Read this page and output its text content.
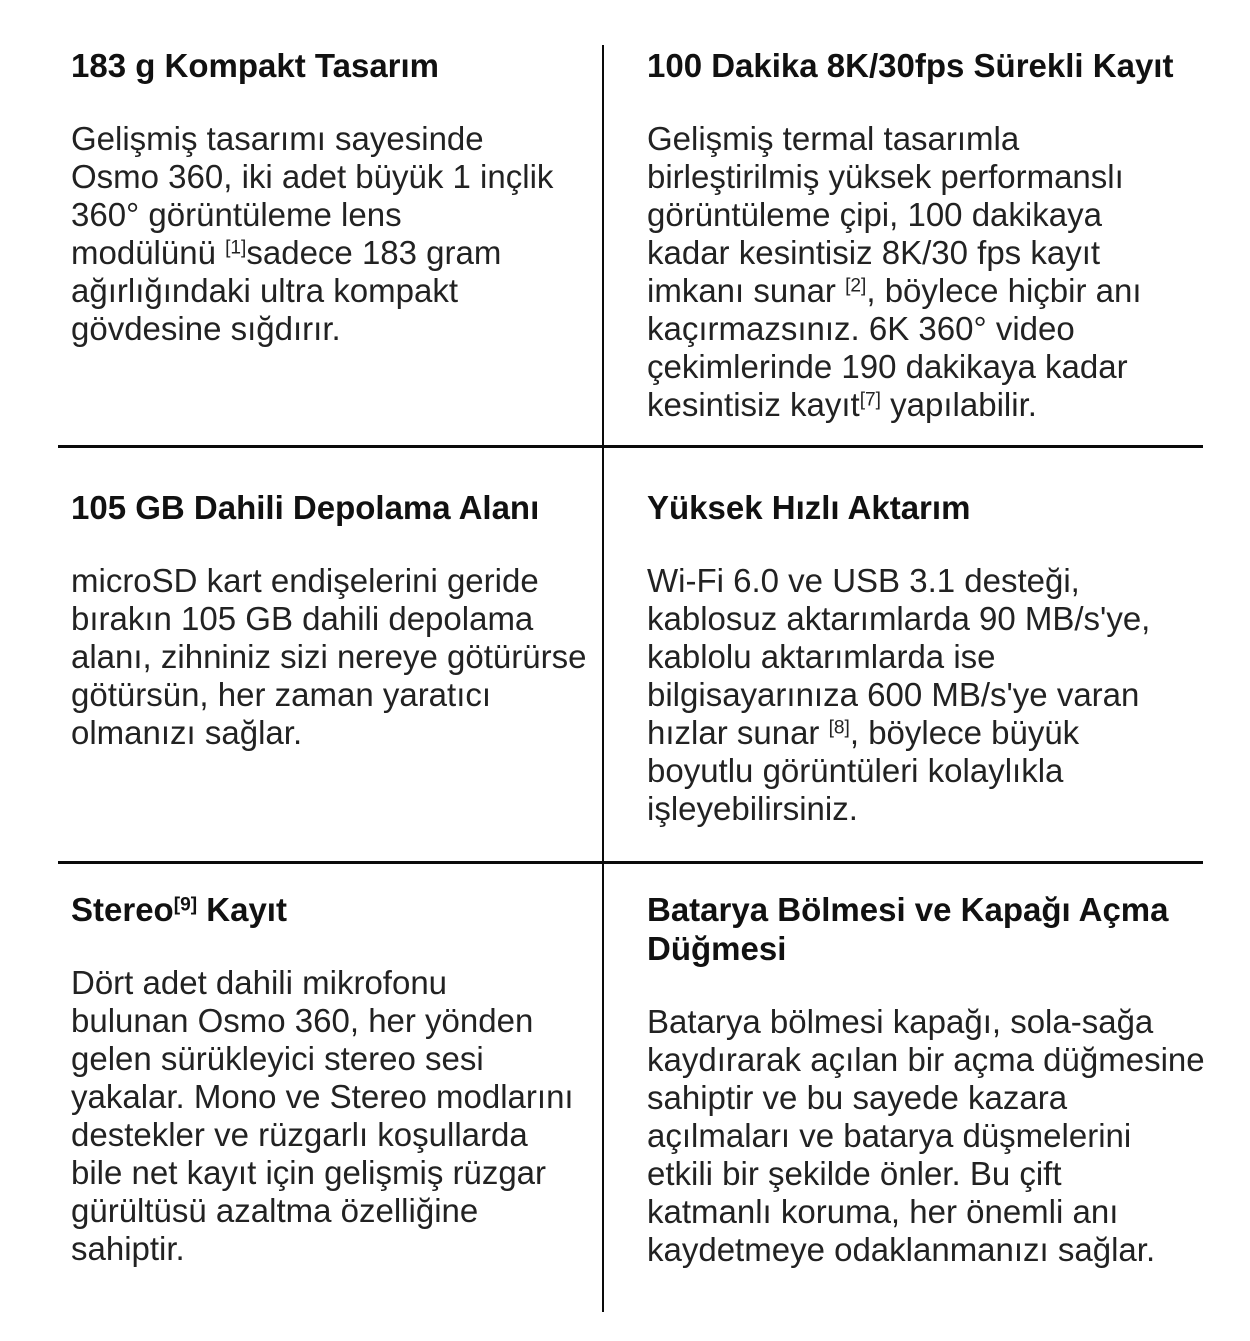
183 g Kompakt Tasarım

Gelişmiş tasarımı sayesinde
Osmo 360, iki adet büyük 1 inçlik
360° görüntüleme lens
modülünü [1]sadece 183 gram
ağırlığındaki ultra kompakt
gövdesine sığdırır.

100 Dakika 8K/30fps Sürekli Kayıt

Gelişmiş termal tasarımla
birleştirilmiş yüksek performanslı
görüntüleme çipi, 100 dakikaya
kadar kesintisiz 8K/30 fps kayıt
imkanı sunar [2], böylece hiçbir anı
kaçırmazsınız. 6K 360° video
çekimlerinde 190 dakikaya kadar
kesintisiz kayıt[7] yapılabilir.

105 GB Dahili Depolama Alanı

microSD kart endişelerini geride
bırakın 105 GB dahili depolama
alanı, zihniniz sizi nereye götürürse
götürsün, her zaman yaratıcı
olmanızı sağlar.

Yüksek Hızlı Aktarım

Wi-Fi 6.0 ve USB 3.1 desteği,
kablosuz aktarımlarda 90 MB/s'ye,
kablolu aktarımlarda ise
bilgisayarınıza 600 MB/s'ye varan
hızlar sunar [8], böylece büyük
boyutlu görüntüleri kolaylıkla
işleyebilirsiniz.

Stereo[9] Kayıt

Dört adet dahili mikrofonu
bulunan Osmo 360, her yönden
gelen sürükleyici stereo sesi
yakalar. Mono ve Stereo modlarını
destekler ve rüzgarlı koşullarda
bile net kayıt için gelişmiş rüzgar
gürültüsü azaltma özelliğine
sahiptir.

Batarya Bölmesi ve Kapağı Açma
Düğmesi

Batarya bölmesi kapağı, sola-sağa
kaydırarak açılan bir açma düğmesine
sahiptir ve bu sayede kazara
açılmaları ve batarya düşmelerini
etkili bir şekilde önler. Bu çift
katmanlı koruma, her önemli anı
kaydetmeye odaklanmanızı sağlar.
